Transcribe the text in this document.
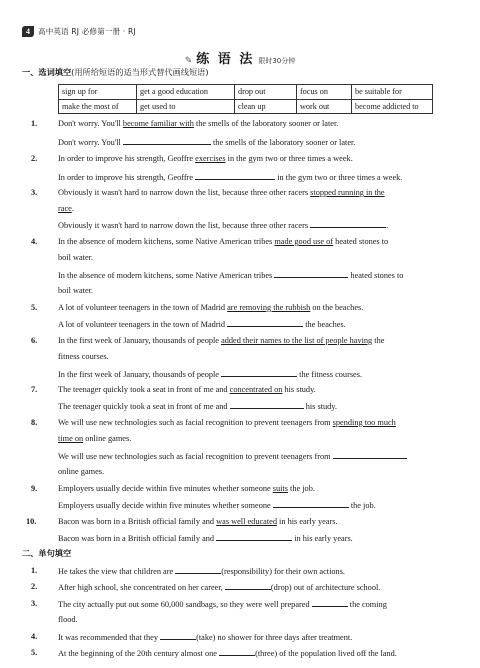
4	高中英语 RJ 必修第一册 · RJ
✎ 练 语 法 限时30分钟
一、选词填空(用所给短语的适当形式替代画线短语)
sign up for	get a good education	drop out	focus on	be suitable for
make the most of	get used to	clean up	work out	become addicted to
1.	Don't worry. You'll become familiar with the smells of the laboratory sooner or later.
Don't worry. You'll	the smells of the laboratory sooner or later.
2.	In order to improve his strength, Geoffre exercises in the gym two or three times a week.
In order to improve his strength, Geoffre	in the gym two or three times a week.
3.	Obviously it wasn't hard to narrow down the list, because three other racers stopped running in the
race.
Obviously it wasn't hard to narrow down the list, because three other racers	.
4.	In the absence of modern kitchens, some Native American tribes made good use of heated stones to
boil water.
In the absence of modern kitchens, some Native American tribes	heated stones to
boil water.
5.	A lot of volunteer teenagers in the town of Madrid are removing the rubbish on the beaches.
A lot of volunteer teenagers in the town of Madrid	the beaches.
6.	In the first week of January, thousands of people added their names to the list of people having the
fitness courses.
In the first week of January, thousands of people	the fitness courses.
7.	The teenager quickly took a seat in front of me and concentrated on his study.
The teenager quickly took a seat in front of me and	his study.
8.	We will use new technologies such as facial recognition to prevent teenagers from spending too much
time on online games.
We will use new technologies such as facial recognition to prevent teenagers from
online games.
9.	Employers usually decide within five minutes whether someone suits the job.
Employers usually decide within five minutes whether someone	the job.
10.	Bacon was born in a British official family and was well educated in his early years.
Bacon was born in a British official family and	in his early years.
二、单句填空
1.	He takes the view that children are	(responsibility) for their own actions.
2.	After high school, she concentrated on her career,	(drop) out of architecture school.
3.	The city actually put out some 60,000 sandbags, so they were well prepared	the coming
flood.
4.	It was recommended that they	(take) no shower for three days after treatment.
5.	At the beginning of the 20th century almost one	(three) of the population lived off the land.
